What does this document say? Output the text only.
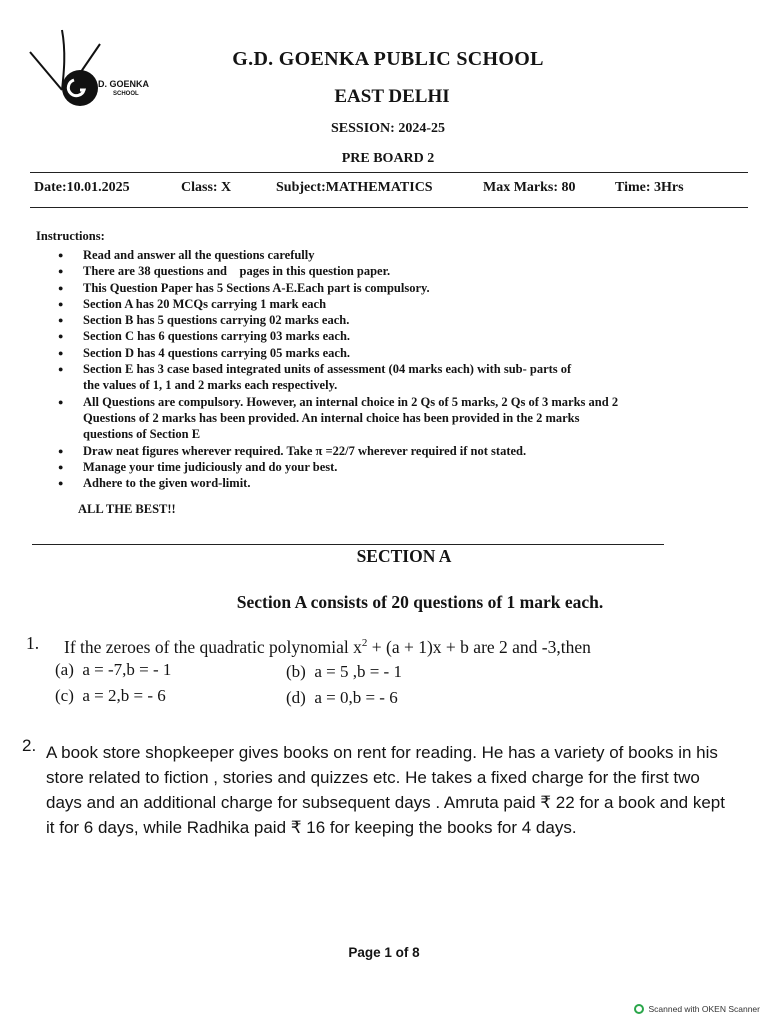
D. GOENKA
SCHOOL
G.D. GOENKA PUBLIC SCHOOL
EAST DELHI
SESSION: 2024-25
PRE BOARD 2
Date:10.01.2025	Class: X	Subject:MATHEMATICS	Max Marks: 80	Time: 3Hrs
Instructions:
● Read and answer all the questions carefully
● There are 38 questions and    pages in this question paper.
● This Question Paper has 5 Sections A-E.Each part is compulsory.
● Section A has 20 MCQs carrying 1 mark each
● Section B has 5 questions carrying 02 marks each.
● Section C has 6 questions carrying 03 marks each.
● Section D has 4 questions carrying 05 marks each.
● Section E has 3 case based integrated units of assessment (04 marks each) with sub- parts of the values of 1, 1 and 2 marks each respectively.
● All Questions are compulsory. However, an internal choice in 2 Qs of 5 marks, 2 Qs of 3 marks and 2 Questions of 2 marks has been provided. An internal choice has been provided in the 2 marks questions of Section E
● Draw neat figures wherever required. Take π =22/7 wherever required if not stated.
● Manage your time judiciously and do your best.
● Adhere to the given word-limit.
ALL THE BEST!!
SECTION A
Section A consists of 20 questions of 1 mark each.
1. If the zeroes of the quadratic polynomial $x^2 + (a + 1)x + b$ are 2 and -3,then
(a) a = -7,b = - 1	(b) a = 5 ,b = - 1
(c) a = 2,b = - 6	(d) a = 0,b = - 6
2. A book store shopkeeper gives books on rent for reading. He has a variety of books in his store related to fiction , stories and quizzes etc. He takes a fixed charge for the first two days and an additional charge for subsequent days . Amruta paid ₹ 22 for a book and kept it for 6 days, while Radhika paid ₹ 16 for keeping the books for 4 days.

Page 1 of 8
Scanned with OKEN Scanner
